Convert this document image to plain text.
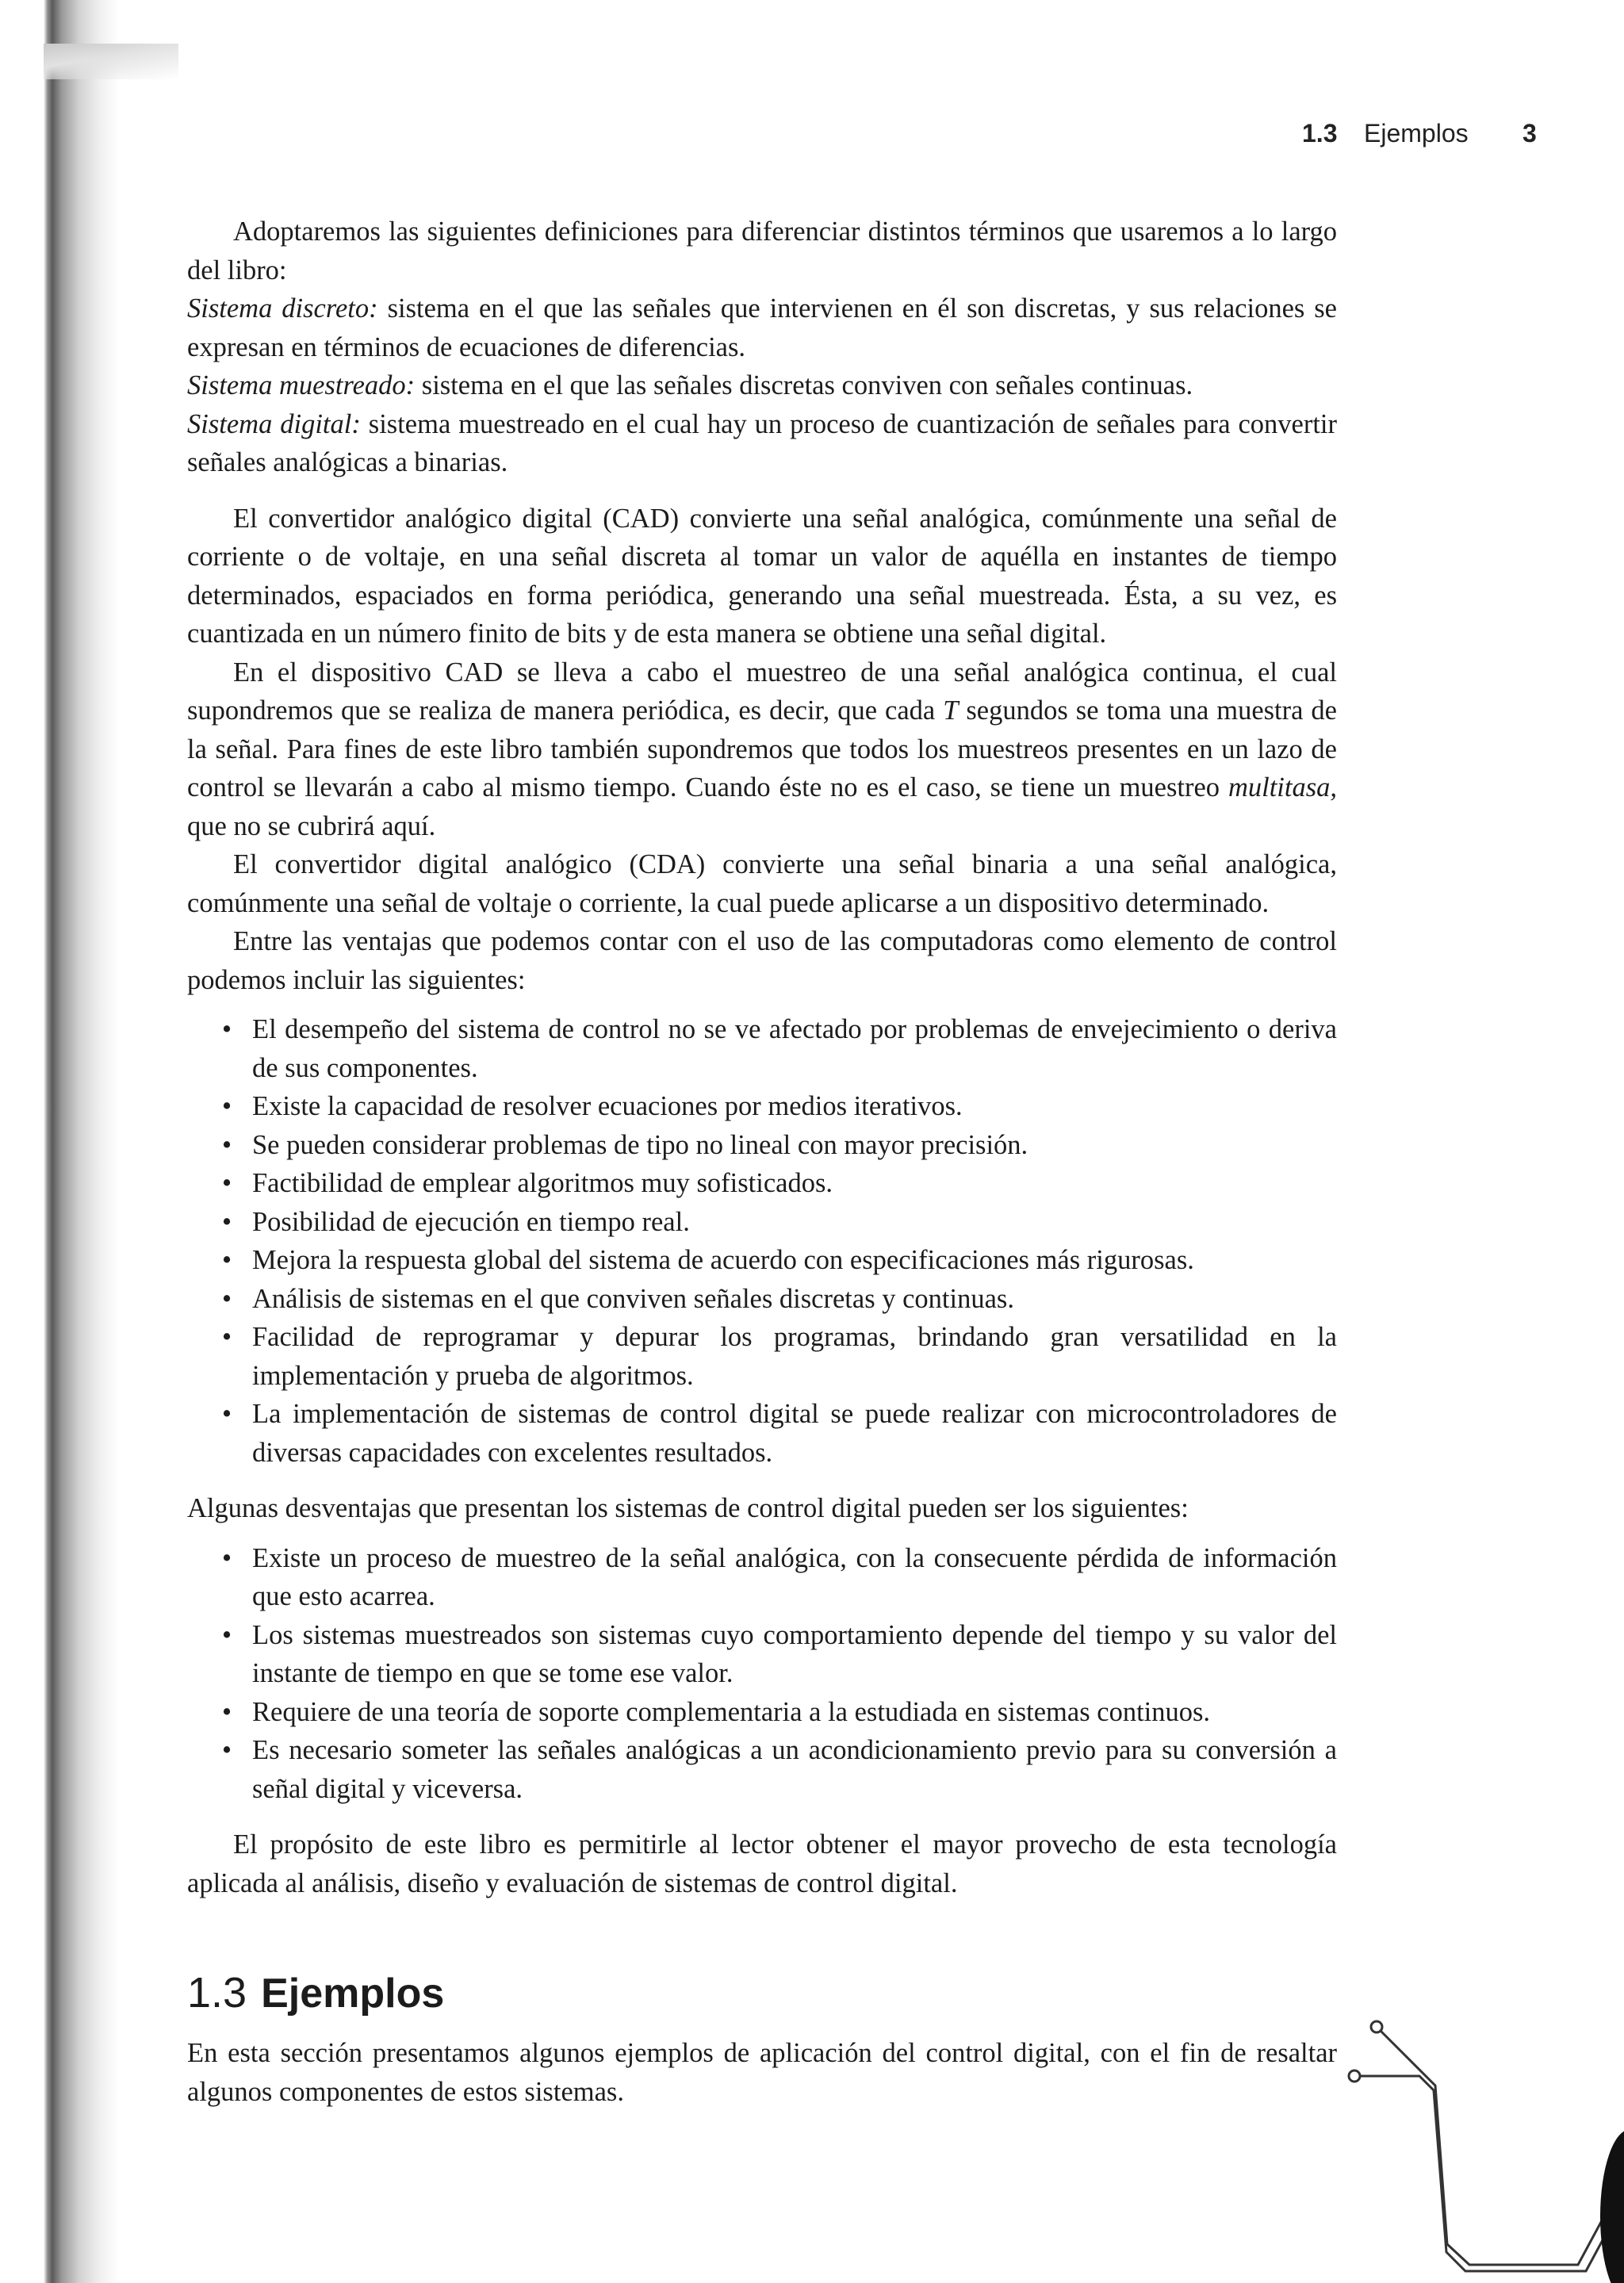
1.3 Ejemplos 3

Adoptaremos las siguientes definiciones para diferenciar distintos términos que usaremos a lo largo del libro:

Sistema discreto: sistema en el que las señales que intervienen en él son discretas, y sus relaciones se expresan en términos de ecuaciones de diferencias.

Sistema muestreado: sistema en el que las señales discretas conviven con señales continuas.

Sistema digital: sistema muestreado en el cual hay un proceso de cuantización de señales para convertir señales analógicas a binarias.

El convertidor analógico digital (CAD) convierte una señal analógica, comúnmente una señal de corriente o de voltaje, en una señal discreta al tomar un valor de aquélla en instantes de tiempo determinados, espaciados en forma periódica, generando una señal muestreada. Ésta, a su vez, es cuantizada en un número finito de bits y de esta manera se obtiene una señal digital.

En el dispositivo CAD se lleva a cabo el muestreo de una señal analógica continua, el cual supondremos que se realiza de manera periódica, es decir, que cada T segundos se toma una muestra de la señal. Para fines de este libro también supondremos que todos los muestreos presentes en un lazo de control se llevarán a cabo al mismo tiempo. Cuando éste no es el caso, se tiene un muestreo multitasa, que no se cubrirá aquí.

El convertidor digital analógico (CDA) convierte una señal binaria a una señal analógica, comúnmente una señal de voltaje o corriente, la cual puede aplicarse a un dispositivo determinado.

Entre las ventajas que podemos contar con el uso de las computadoras como elemento de control podemos incluir las siguientes:

• El desempeño del sistema de control no se ve afectado por problemas de envejecimiento o deriva de sus componentes.
• Existe la capacidad de resolver ecuaciones por medios iterativos.
• Se pueden considerar problemas de tipo no lineal con mayor precisión.
• Factibilidad de emplear algoritmos muy sofisticados.
• Posibilidad de ejecución en tiempo real.
• Mejora la respuesta global del sistema de acuerdo con especificaciones más rigurosas.
• Análisis de sistemas en el que conviven señales discretas y continuas.
• Facilidad de reprogramar y depurar los programas, brindando gran versatilidad en la implementación y prueba de algoritmos.
• La implementación de sistemas de control digital se puede realizar con microcontroladores de diversas capacidades con excelentes resultados.

Algunas desventajas que presentan los sistemas de control digital pueden ser los siguientes:

• Existe un proceso de muestreo de la señal analógica, con la consecuente pérdida de información que esto acarrea.
• Los sistemas muestreados son sistemas cuyo comportamiento depende del tiempo y su valor del instante de tiempo en que se tome ese valor.
• Requiere de una teoría de soporte complementaria a la estudiada en sistemas continuos.
• Es necesario someter las señales analógicas a un acondicionamiento previo para su conversión a señal digital y viceversa.

El propósito de este libro es permitirle al lector obtener el mayor provecho de esta tecnología aplicada al análisis, diseño y evaluación de sistemas de control digital.

1.3 Ejemplos

En esta sección presentamos algunos ejemplos de aplicación del control digital, con el fin de resaltar algunos componentes de estos sistemas.
